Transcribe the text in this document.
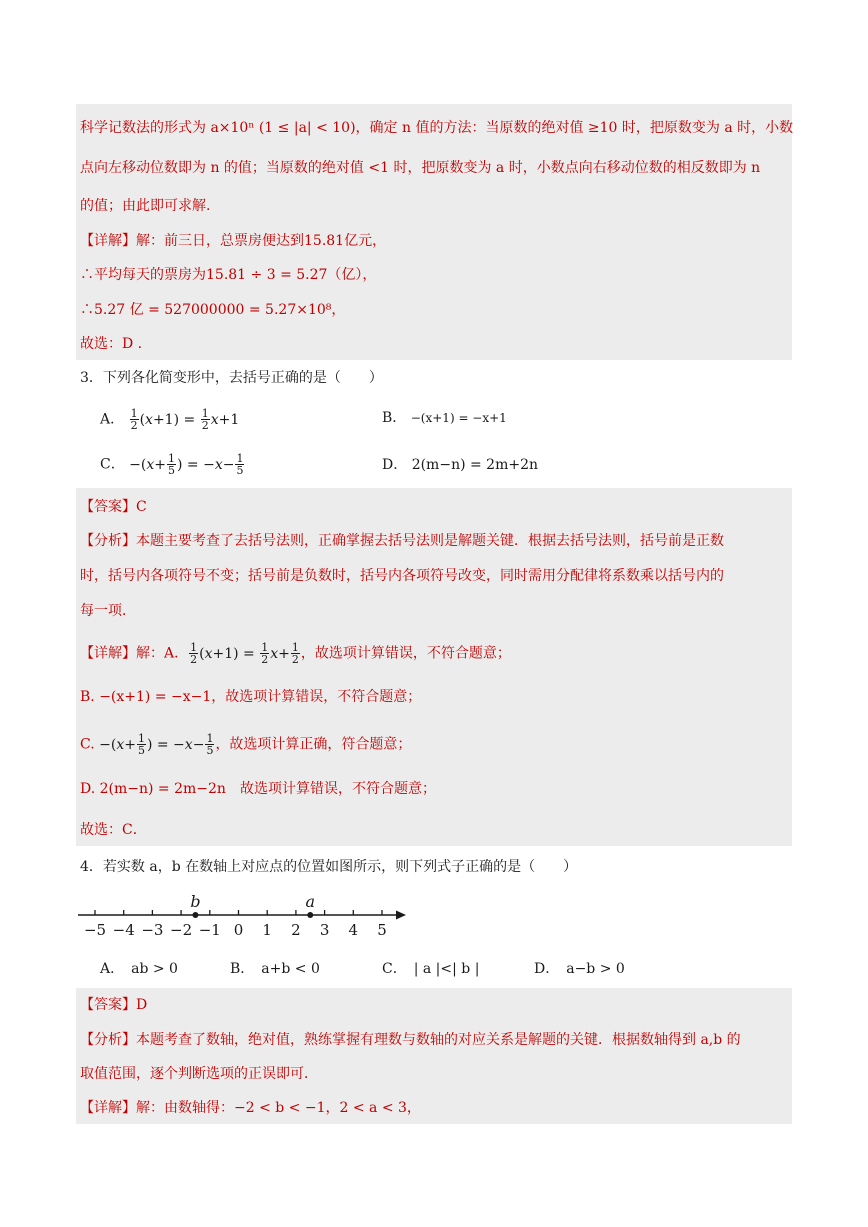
科学记数法的形式为 a×10ⁿ (1 ≤ |a| < 10)，确定 n 值的方法：当原数的绝对值 ≥10 时，把原数变为 a 时，小数
点向左移动位数即为 n 的值；当原数的绝对值 <1 时，把原数变为 a 时，小数点向右移动位数的相反数即为 n
的值；由此即可求解.
【详解】解：前三日，总票房便达到15.81亿元，
∴平均每天的票房为15.81 ÷ 3 = 5.27（亿），
∴5.27 亿 = 527000000 = 5.27×10⁸，
故选：D .
3．下列各化简变形中，去括号正确的是（　　）
A． $\frac{1}{2} (x+1) = \frac{1}{2} x+1$	B． −(x+1) = −x+1
C． $-(x+ \frac{1}{5}$ ) = $-x- \frac{1}{5}$	D． 2(m−n) = 2m+2n
【答案】C
【分析】本题主要考查了去括号法则，正确掌握去括号法则是解题关键．根据去括号法则，括号前是正数
时，括号内各项符号不变；括号前是负数时，括号内各项符号改变，同时需用分配律将系数乘以括号内的
每一项．
【详解】解：A． $\frac{1}{2} (x+1) = \frac{1}{2} x+ \frac{1}{2}$ ，故选项计算错误，不符合题意；
B. −(x+1) = −x−1，故选项计算错误，不符合题意；
C. $-(x+ \frac{1}{5}$ ) = $-x- \frac{1}{5}$ ，故选项计算正确，符合题意；
D. 2(m−n) = 2m−2n　故选项计算错误，不符合题意；
故选：C．
4．若实数 a，b 在数轴上对应点的位置如图所示，则下列式子正确的是（　　）
−5 −4 −3 −2 −1 0 1 2 3 4 5
b	a
A．　ab > 0	B．　a+b < 0	C．　| a |<| b |	D．　a−b > 0
【答案】D
【分析】本题考查了数轴，绝对值，熟练掌握有理数与数轴的对应关系是解题的关键．根据数轴得到 a,b 的
取值范围，逐个判断选项的正误即可．
【详解】解：由数轴得：−2 < b < −1，2 < a < 3，
